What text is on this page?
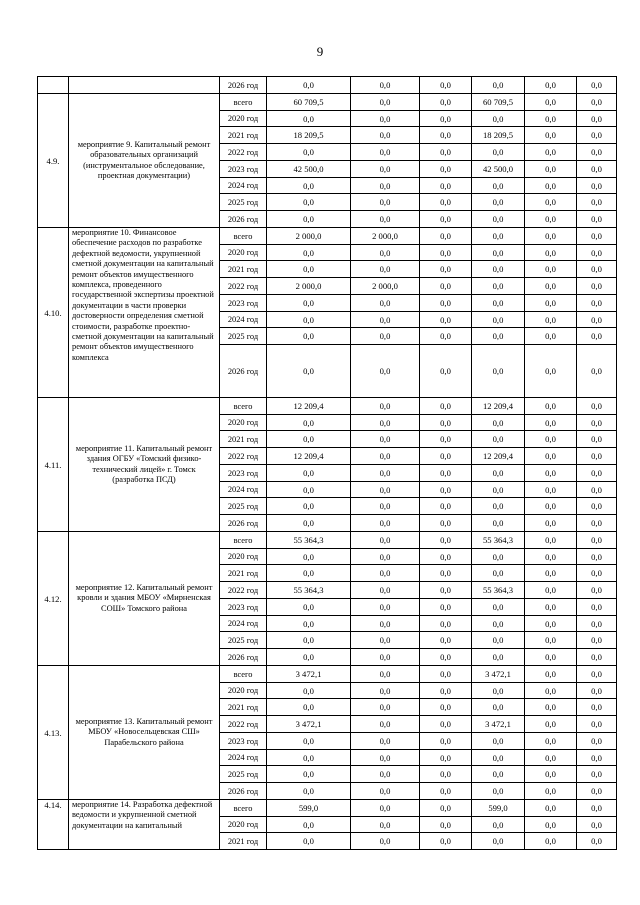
9
		2026 год	0,0	0,0	0,0	0,0	0,0	0,0
4.9.	мероприятие 9. Капитальный ремонт образовательных организаций (инструментальное обследование, проектная документации)	всего	60 709,5	0,0	0,0	60 709,5	0,0	0,0
		2020 год	0,0	0,0	0,0	0,0	0,0	0,0
		2021 год	18 209,5	0,0	0,0	18 209,5	0,0	0,0
		2022 год	0,0	0,0	0,0	0,0	0,0	0,0
		2023 год	42 500,0	0,0	0,0	42 500,0	0,0	0,0
		2024 год	0,0	0,0	0,0	0,0	0,0	0,0
		2025 год	0,0	0,0	0,0	0,0	0,0	0,0
		2026 год	0,0	0,0	0,0	0,0	0,0	0,0
4.10.	мероприятие 10. Финансовое обеспечение расходов по разработке дефектной ведомости, укрупненной сметной документации на капитальный ремонт объектов имущественного комплекса, проведенного государственной экспертизы проектной документации в части проверки достоверности определения сметной стоимости, разработке проектно-сметной документации на капитальный ремонт объектов имущественного комплекса	всего	2 000,0	2 000,0	0,0	0,0	0,0	0,0
		2020 год	0,0	0,0	0,0	0,0	0,0	0,0
		2021 год	0,0	0,0	0,0	0,0	0,0	0,0
		2022 год	2 000,0	2 000,0	0,0	0,0	0,0	0,0
		2023 год	0,0	0,0	0,0	0,0	0,0	0,0
		2024 год	0,0	0,0	0,0	0,0	0,0	0,0
		2025 год	0,0	0,0	0,0	0,0	0,0	0,0
		2026 год	0,0	0,0	0,0	0,0	0,0	0,0
4.11.	мероприятие 11. Капитальный ремонт здания ОГБУ «Томский физико-технический лицей» г. Томск (разработка ПСД)	всего	12 209,4	0,0	0,0	12 209,4	0,0	0,0
		2020 год	0,0	0,0	0,0	0,0	0,0	0,0
		2021 год	0,0	0,0	0,0	0,0	0,0	0,0
		2022 год	12 209,4	0,0	0,0	12 209,4	0,0	0,0
		2023 год	0,0	0,0	0,0	0,0	0,0	0,0
		2024 год	0,0	0,0	0,0	0,0	0,0	0,0
		2025 год	0,0	0,0	0,0	0,0	0,0	0,0
		2026 год	0,0	0,0	0,0	0,0	0,0	0,0
4.12.	мероприятие 12. Капитальный ремонт кровли и здания МБОУ «Мирненская СОШ» Томского района	всего	55 364,3	0,0	0,0	55 364,3	0,0	0,0
		2020 год	0,0	0,0	0,0	0,0	0,0	0,0
		2021 год	0,0	0,0	0,0	0,0	0,0	0,0
		2022 год	55 364,3	0,0	0,0	55 364,3	0,0	0,0
		2023 год	0,0	0,0	0,0	0,0	0,0	0,0
		2024 год	0,0	0,0	0,0	0,0	0,0	0,0
		2025 год	0,0	0,0	0,0	0,0	0,0	0,0
		2026 год	0,0	0,0	0,0	0,0	0,0	0,0
4.13.	мероприятие 13. Капитальный ремонт МБОУ «Новосельцевская СШ» Парабельского района	всего	3 472,1	0,0	0,0	3 472,1	0,0	0,0
		2020 год	0,0	0,0	0,0	0,0	0,0	0,0
		2021 год	0,0	0,0	0,0	0,0	0,0	0,0
		2022 год	3 472,1	0,0	0,0	3 472,1	0,0	0,0
		2023 год	0,0	0,0	0,0	0,0	0,0	0,0
		2024 год	0,0	0,0	0,0	0,0	0,0	0,0
		2025 год	0,0	0,0	0,0	0,0	0,0	0,0
		2026 год	0,0	0,0	0,0	0,0	0,0	0,0
4.14.	мероприятие 14. Разработка дефектной ведомости и укрупненной сметной документации на капитальный	всего	599,0	0,0	0,0	599,0	0,0	0,0
		2020 год	0,0	0,0	0,0	0,0	0,0	0,0
		2021 год	0,0	0,0	0,0	0,0	0,0	0,0
